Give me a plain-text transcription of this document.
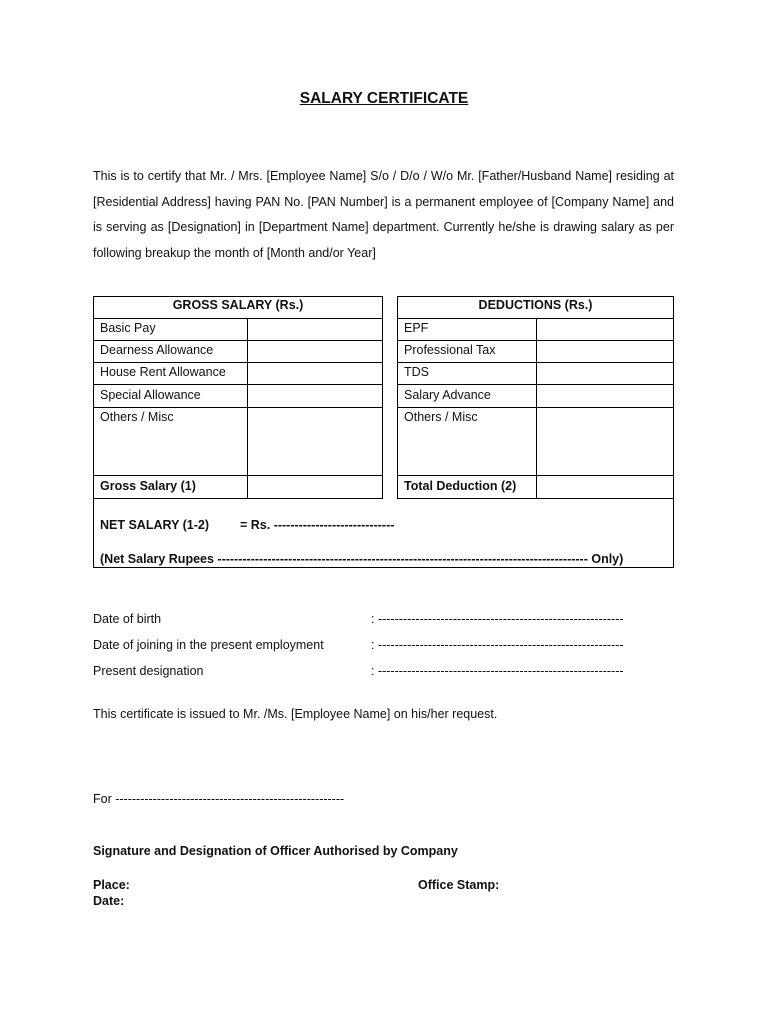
SALARY CERTIFICATE
This is to certify that Mr. / Mrs. [Employee Name] S/o / D/o / W/o Mr. [Father/Husband Name] residing at [Residential Address] having PAN No. [PAN Number] is a permanent employee of [Company Name] and is serving as [Designation] in [Department Name] department. Currently he/she is drawing salary as per following breakup the month of [Month and/or Year]
GROSS SALARY (Rs.)
Basic Pay
Dearness Allowance
House Rent Allowance
Special Allowance
Others / Misc
Gross Salary (1)
DEDUCTIONS (Rs.)
EPF
Professional Tax
TDS
Salary Advance
Others / Misc
Total Deduction (2)
NET SALARY (1-2) = Rs. -----------------------------
(Net Salary Rupees ----------------------------------------------------------------------------------------- Only)
Date of birth	: -----------------------------------------------------------
Date of joining in the present employment	: -----------------------------------------------------------
Present designation	: -----------------------------------------------------------
This certificate is issued to Mr. /Ms. [Employee Name] on his/her request.
For -------------------------------------------------------
Signature and Designation of Officer Authorised by Company
Place:
Date:
Office Stamp:
